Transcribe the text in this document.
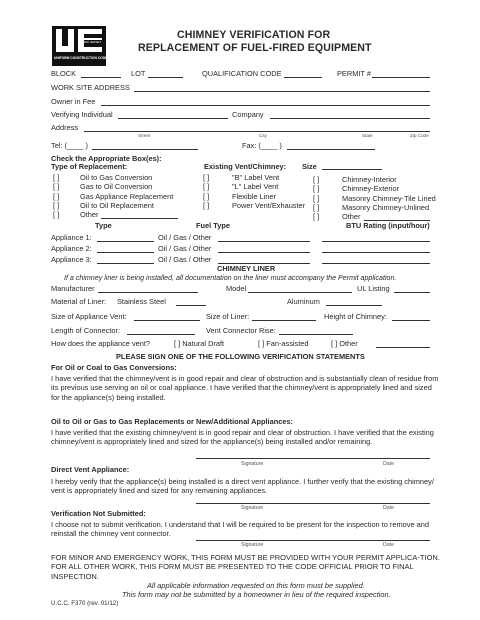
NEW JERSEY
UNIFORM CONSTRUCTION CODE
CHIMNEY VERIFICATION FOR
REPLACEMENT OF FUEL-FIRED EQUIPMENT
BLOCK	LOT	QUALIFICATION CODE	PERMIT #
WORK SITE ADDRESS
Owner in Fee
Verifying Individual	Company
Address
Street	City	State	Zip Code
Tel: (____ )	Fax: (____ )
Check the Appropriate Box(es):
Type of Replacement:	Existing Vent/Chimney: Size
[ ]	Oil to Gas Conversion
[ ]	Gas to Oil Conversion
[ ]	Gas Appliance Replacement
[ ]	Oil to Oil Replacement
[ ]	Other
[ ]	"B" Label Vent
[ ]	"L" Label Vent
[ ]	Flexible Liner
[ ]	Power Vent/Exhauster
[ ]	Chimney-Interior
[ ]	Chimney-Exterior
[ ]	Masonry Chimney-Tile Lined
[ ]	Masonry Chimney-Unlined
[ ]	Other
Type	Fuel Type	BTU Rating (input/hour)
Appliance 1:	Oil / Gas / Other
Appliance 2:	Oil / Gas / Other
Appliance 3:	Oil / Gas / Other
CHIMNEY LINER
If a chimney liner is being installed, all documentation on the liner must accompany the Permit application.
Manufacturer	Model	UL Listing
Material of Liner: Stainless Steel	Aluminum
Size of Appliance Vent:	Size of Liner:	Height of Chimney:
Length of Connector:	Vent Connector Rise:
How does the appliance vent?	[ ] Natural Draft	[ ] Fan-assisted	[ ] Other
PLEASE SIGN ONE OF THE FOLLOWING VERIFICATION STATEMENTS
For Oil or Coal to Gas Conversions:
I have verified that the chimney/vent is in good repair and clear of obstruction and is substantially clean of residue from its previous use serving an oil or coal appliance. I have verified that the chimney/vent is appropriately lined and sized for the appliance(s) being installed.
Signature	Date
Oil to Oil or Gas to Gas Replacements or New/Additional Appliances:
I have verified that the existing chimney/vent is in good repair and clear of obstruction. I have verified that the existing chimney/vent is appropriately lined and sized for the appliance(s) being installed and/or remaining.
Direct Vent Appliance:
I hereby verify that the appliance(s) being installed is a direct vent appliance. I further verify that the existing chimney/ vent is appropriately lined and sized for any remaining appliances.
Signature	Date
Verification Not Submitted:
I choose not to submit verification. I understand that I will be required to be present for the inspection to remove and reinstall the chimney vent connector.
Signature	Date
FOR MINOR AND EMERGENCY WORK, THIS FORM MUST BE PROVIDED WITH YOUR PERMIT APPLICA-TION. FOR ALL OTHER WORK, THIS FORM MUST BE PRESENTED TO THE CODE OFFICIAL PRIOR TO FINAL INSPECTION.
All applicable information requested on this form must be supplied.
This form may not be submitted by a homeowner in lieu of the required inspection.
U.C.C. F370 (rev. 01/12)
